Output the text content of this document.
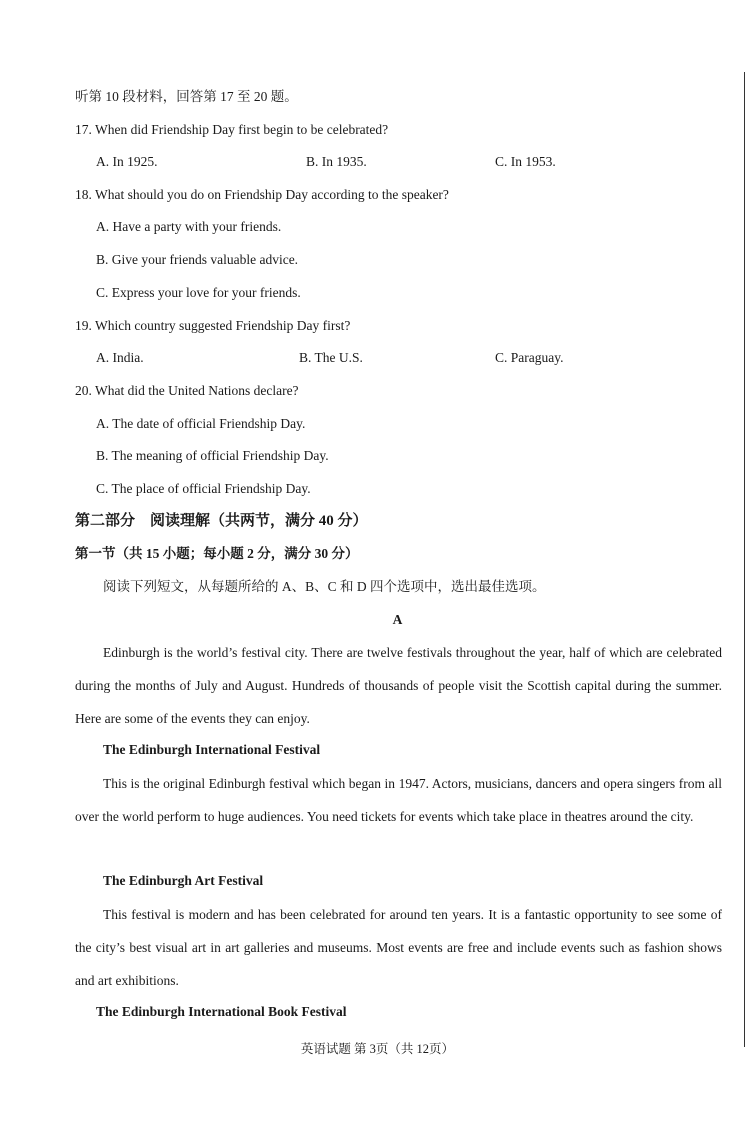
听第 10 段材料，回答第 17 至 20 题。
17. When did Friendship Day first begin to be celebrated?
A. In 1925.	B. In 1935.	C. In 1953.
18. What should you do on Friendship Day according to the speaker?
A. Have a party with your friends.
B. Give your friends valuable advice.
C. Express your love for your friends.
19. Which country suggested Friendship Day first?
A. India.	B. The U.S.	C. Paraguay.
20. What did the United Nations declare?
A. The date of official Friendship Day.
B. The meaning of official Friendship Day.
C. The place of official Friendship Day.
第二部分　阅读理解（共两节，满分 40 分）
第一节（共 15 小题；每小题 2 分，满分 30 分）
阅读下列短文，从每题所给的 A、B、C 和 D 四个选项中，选出最佳选项。
A
Edinburgh is the world’s festival city. There are twelve festivals throughout the year, half of which are celebrated during the months of July and August. Hundreds of thousands of people visit the Scottish capital during the summer. Here are some of the events they can enjoy.
The Edinburgh International Festival
This is the original Edinburgh festival which began in 1947. Actors, musicians, dancers and opera singers from all over the world perform to huge audiences. You need tickets for events which take place in theatres around the city.
The Edinburgh Art Festival
This festival is modern and has been celebrated for around ten years. It is a fantastic opportunity to see some of the city’s best visual art in art galleries and museums. Most events are free and include events such as fashion shows and art exhibitions.
The Edinburgh International Book Festival
英语试题 第 3页（共 12页）
